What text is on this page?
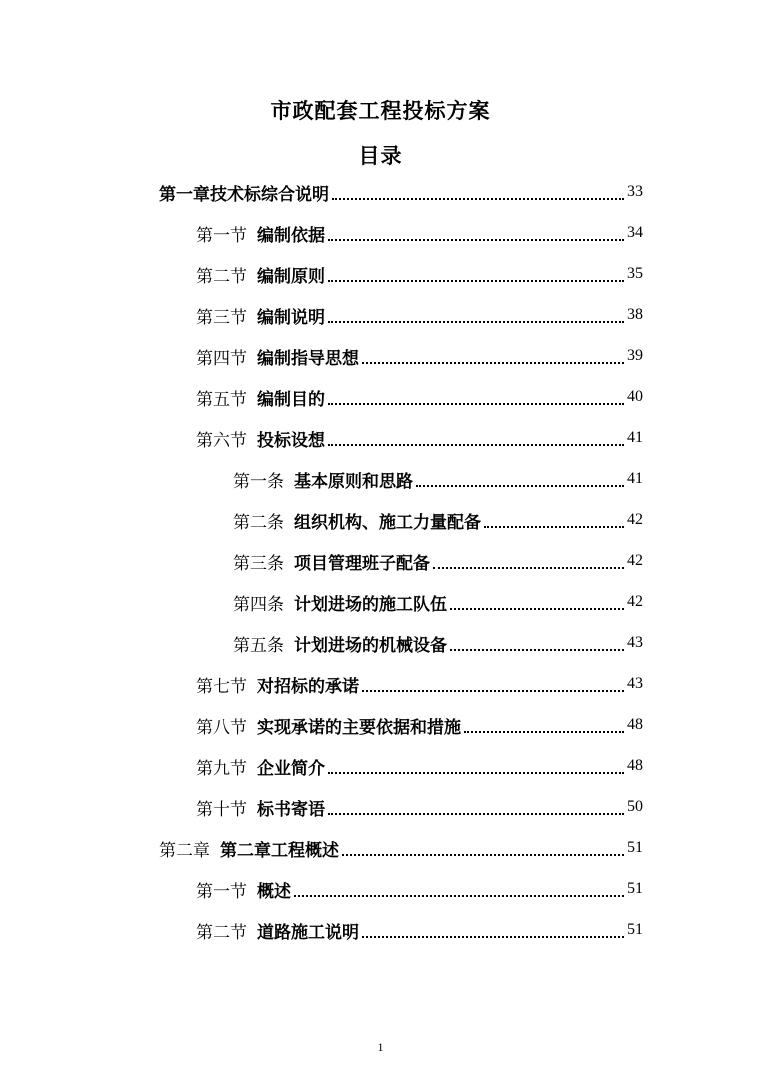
市政配套工程投标方案
目录
第一章技术标综合说明	33
第一节 编制依据	34
第二节 编制原则	35
第三节 编制说明	38
第四节 编制指导思想	39
第五节 编制目的	40
第六节 投标设想	41
第一条 基本原则和思路	41
第二条 组织机构、施工力量配备	42
第三条 项目管理班子配备	42
第四条 计划进场的施工队伍	42
第五条 计划进场的机械设备	43
第七节 对招标的承诺	43
第八节 实现承诺的主要依据和措施	48
第九节 企业简介	48
第十节 标书寄语	50
第二章 第二章工程概述	51
第一节 概述	51
第二节 道路施工说明	51
1
